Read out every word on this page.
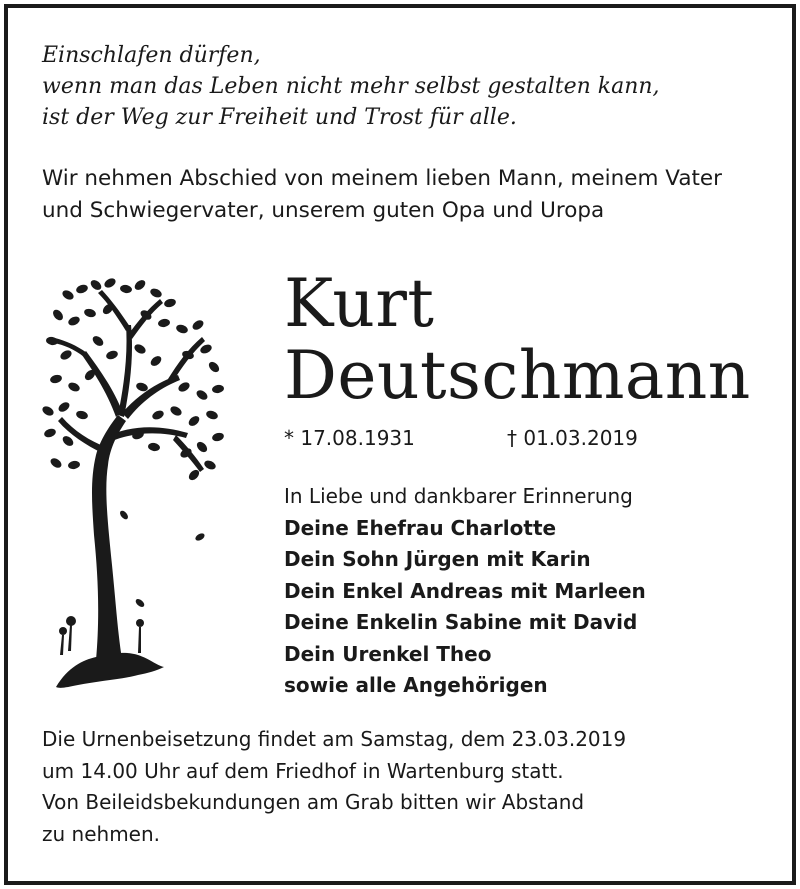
Einschlafen dürfen,
wenn man das Leben nicht mehr selbst gestalten kann,
ist der Weg zur Freiheit und Trost für alle.
Wir nehmen Abschied von meinem lieben Mann, meinem Vater
und Schwiegervater, unserem guten Opa und Uropa
Kurt
Deutschmann
* 17.08.1931	† 01.03.2019
In Liebe und dankbarer Erinnerung
Deine Ehefrau Charlotte
Dein Sohn Jürgen mit Karin
Dein Enkel Andreas mit Marleen
Deine Enkelin Sabine mit David
Dein Urenkel Theo
sowie alle Angehörigen
Die Urnenbeisetzung findet am Samstag, dem 23.03.2019
um 14.00 Uhr auf dem Friedhof in Wartenburg statt.
Von Beileidsbekundungen am Grab bitten wir Abstand
zu nehmen.
